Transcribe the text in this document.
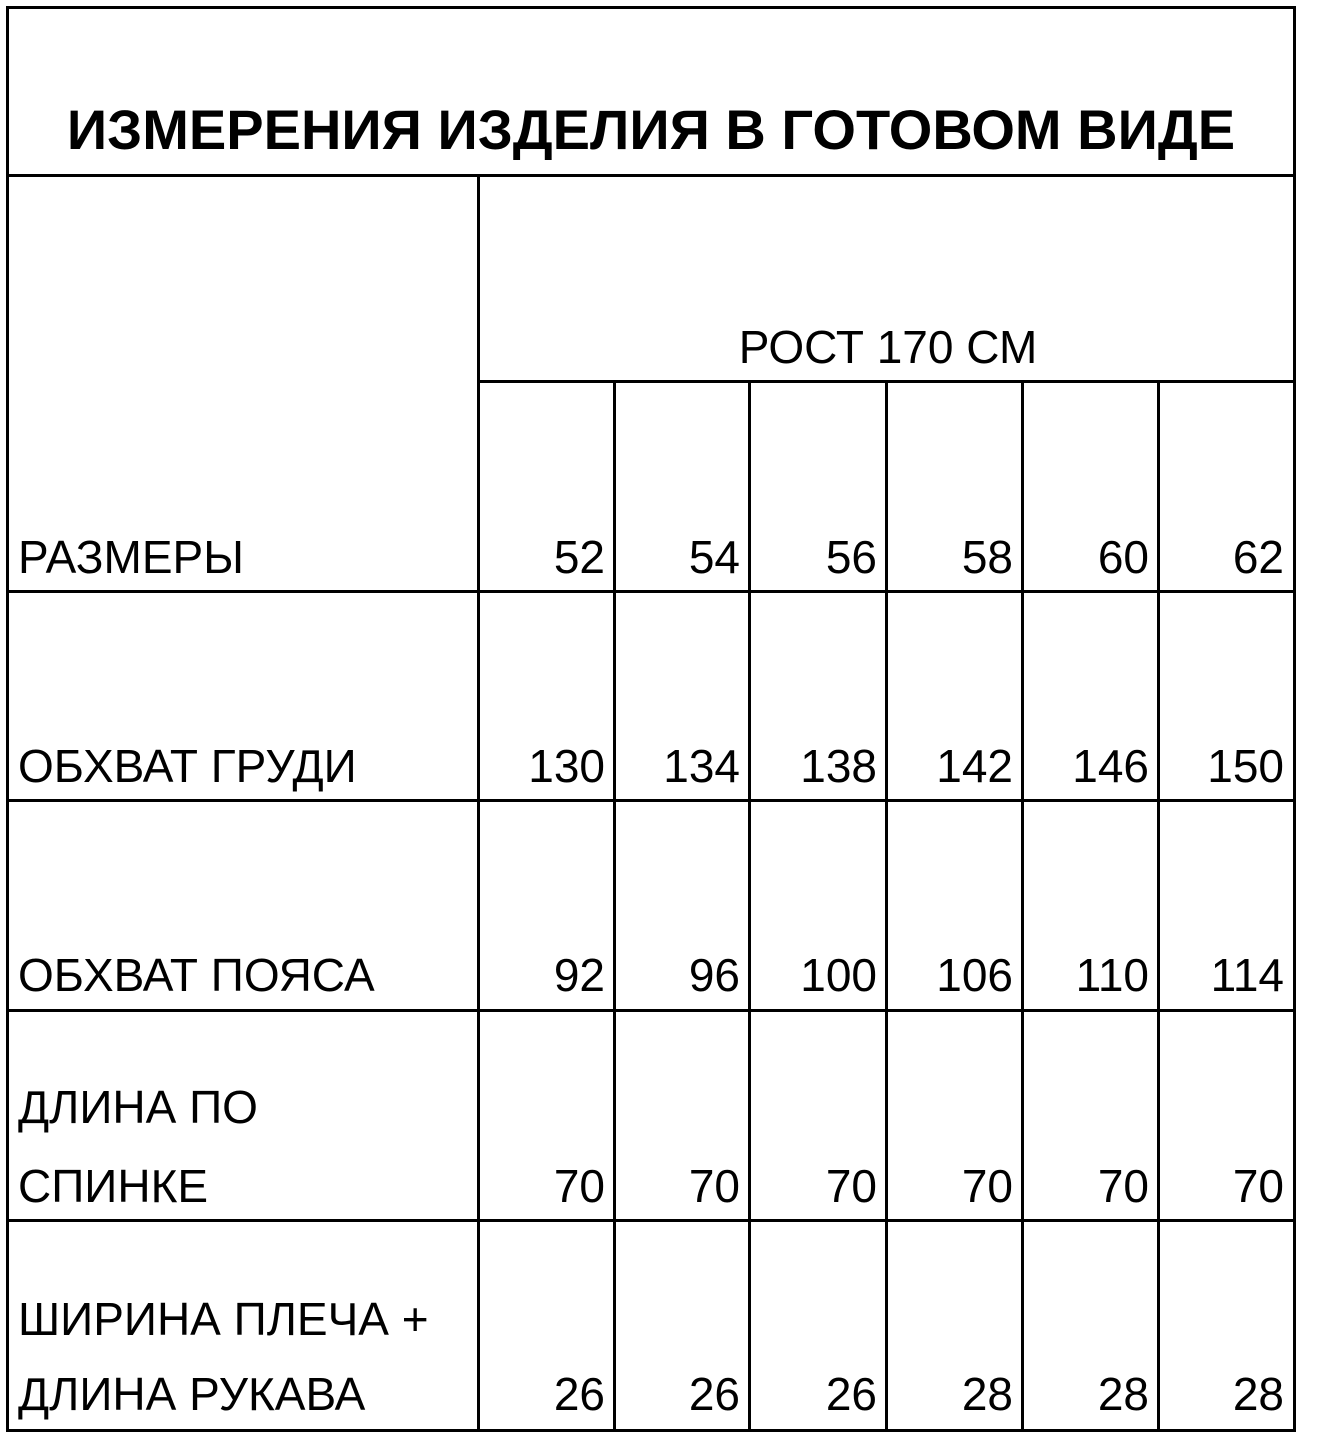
ИЗМЕРЕНИЯ ИЗДЕЛИЯ В ГОТОВОМ ВИДЕ
РОСТ 170 СМ
РАЗМЕРЫ	52	54	56	58	60	62
ОБХВАТ ГРУДИ	130	134	138	142	146	150
ОБХВАТ ПОЯСА	92	96	100	106	110	114
ДЛИНА ПО
СПИНКЕ	70	70	70	70	70	70
ШИРИНА ПЛЕЧА +
ДЛИНА РУКАВА	26	26	26	28	28	28
